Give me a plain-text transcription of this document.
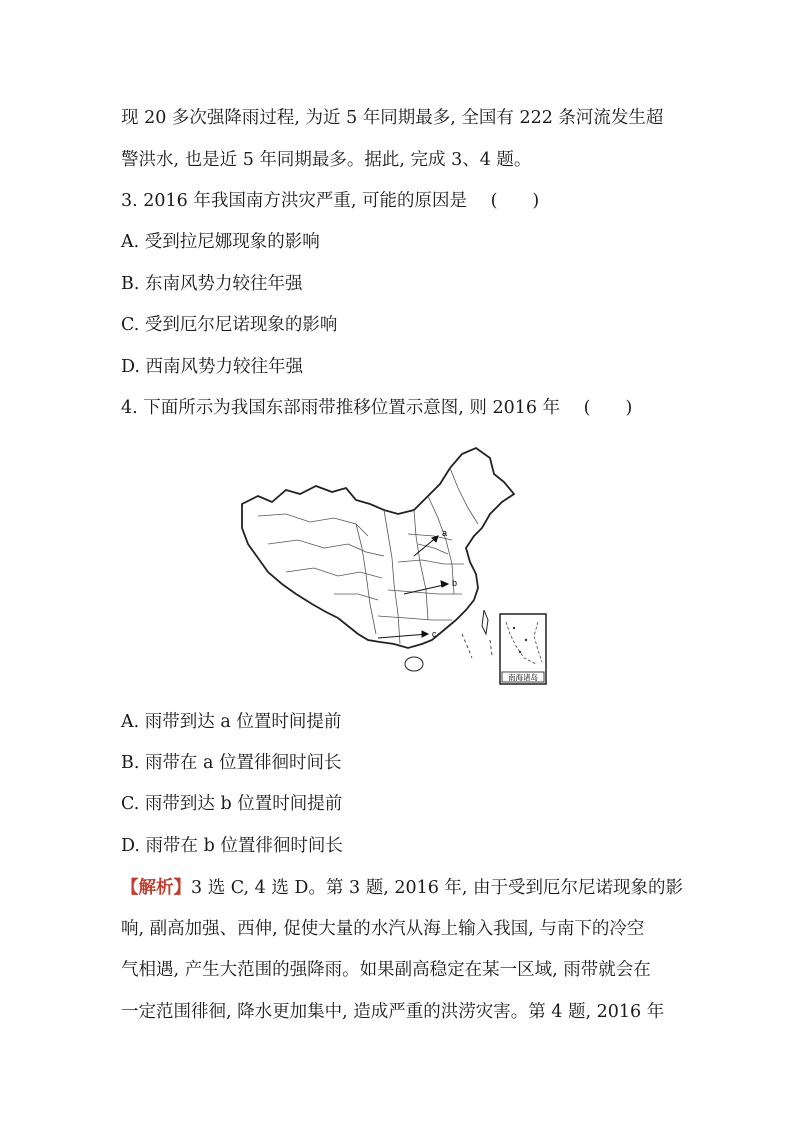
现 20 多次强降雨过程, 为近 5 年同期最多, 全国有 222 条河流发生超
警洪水, 也是近 5 年同期最多。据此, 完成 3、4 题。
3. 2016 年我国南方洪灾严重, 可能的原因是 (　　)
A. 受到拉尼娜现象的影响
B. 东南风势力较往年强
C. 受到厄尔尼诺现象的影响
D. 西南风势力较往年强
4. 下面所示为我国东部雨带推移位置示意图, 则 2016 年 (　　)
a
b
c
南海诸岛
A. 雨带到达 a 位置时间提前
B. 雨带在 a 位置徘徊时间长
C. 雨带到达 b 位置时间提前
D. 雨带在 b 位置徘徊时间长
【解析】3 选 C, 4 选 D。第 3 题, 2016 年, 由于受到厄尔尼诺现象的影
响, 副高加强、西伸, 促使大量的水汽从海上输入我国, 与南下的冷空
气相遇, 产生大范围的强降雨。如果副高稳定在某一区域, 雨带就会在
一定范围徘徊, 降水更加集中, 造成严重的洪涝灾害。第 4 题, 2016 年
